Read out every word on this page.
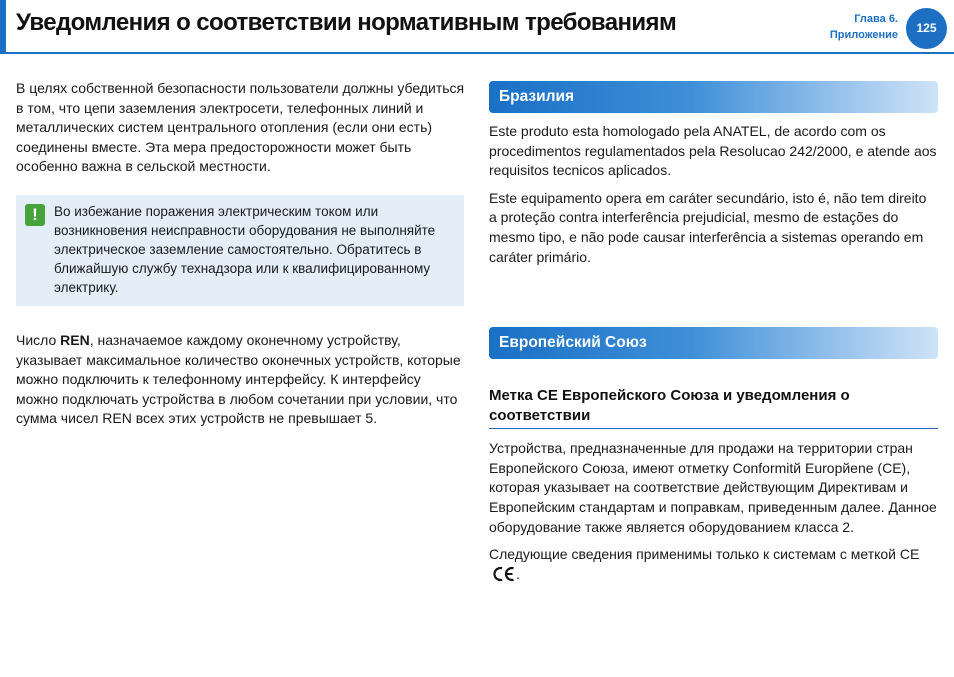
Уведомления о соответствии нормативным требованиям	Глава 6.
Приложение	125

В целях собственной безопасности пользователи должны убедиться в том, что цепи заземления электросети, телефонных линий и металлических систем центрального отопления (если они есть) соединены вместе. Эта мера предосторожности может быть особенно важна в сельской местности.

!	Во избежание поражения электрическим током или возникновения неисправности оборудования не выполняйте электрическое заземление самостоятельно. Обратитесь в ближайшую службу технадзора или к квалифицированному электрику.

Число REN, назначаемое каждому оконечному устройству, указывает максимальное количество оконечных устройств, которые можно подключить к телефонному интерфейсу. К интерфейсу можно подключать устройства в любом сочетании при условии, что сумма чисел REN всех этих устройств не превышает 5.

Бразилия

Este produto esta homologado pela ANATEL, de acordo com os procedimentos regulamentados pela Resolucao 242/2000, e atende aos requisitos tecnicos aplicados.

Este equipamento opera em caráter secundário, isto é, não tem direito a proteção contra interferência prejudicial, mesmo de estações do mesmo tipo, e não pode causar interferência a sistemas operando em caráter primário.

Европейский Союз
Метка CE Европейского Союза и уведомления о соответствии

Устройства, предназначенные для продажи на территории стран Европейского Союза, имеют отметку Conformitй Europйene (CE), которая указывает на соответствие действующим Директивам и Европейским стандартам и поправкам, приведенным далее. Данное оборудование также является оборудованием класса 2.

Следующие сведения применимы только к системам с меткой CE.
